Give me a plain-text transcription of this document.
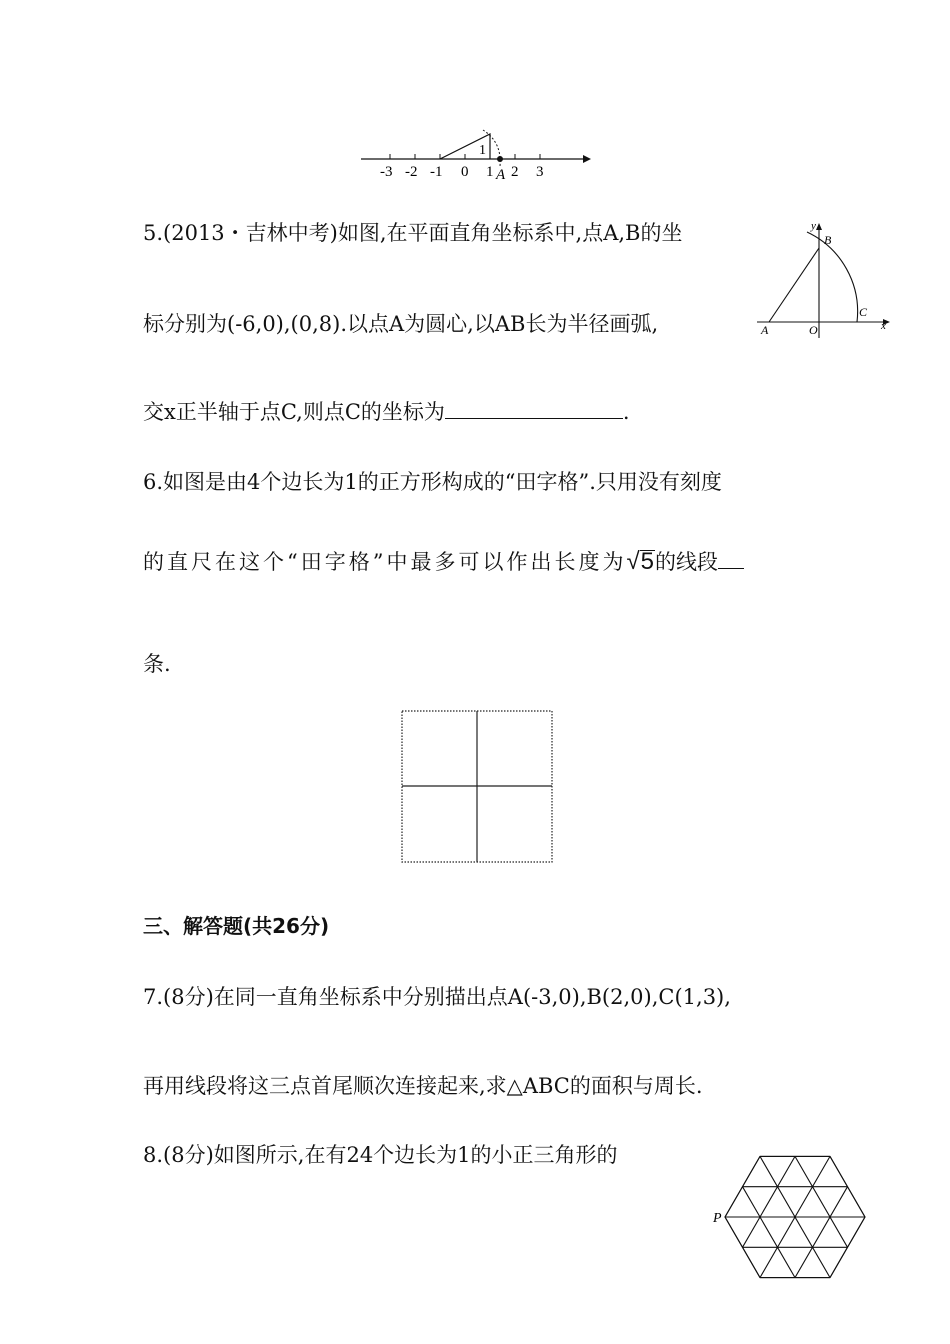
-3 -2 -1 0 1 2 3
1
A
5.(2013・吉林中考)如图,在平面直角坐标系中,点A,B的坐
标分别为(-6,0),(0,8).以点A为圆心,以AB长为半径画弧,
交x正半轴于点C,则点C的坐标为	.
y
x
B
A	O
C
6.如图是由4个边长为1的正方形构成的“田字格”.只用没有刻度
的直尺在这个“田字格”中最多可以作出长度为√5的线段
条.
三、解答题(共26分)
7.(8分)在同一直角坐标系中分别描出点A(-3,0),B(2,0),C(1,3),
再用线段将这三点首尾顺次连接起来,求△ABC的面积与周长.
8.(8分)如图所示,在有24个边长为1的小正三角形的
P
